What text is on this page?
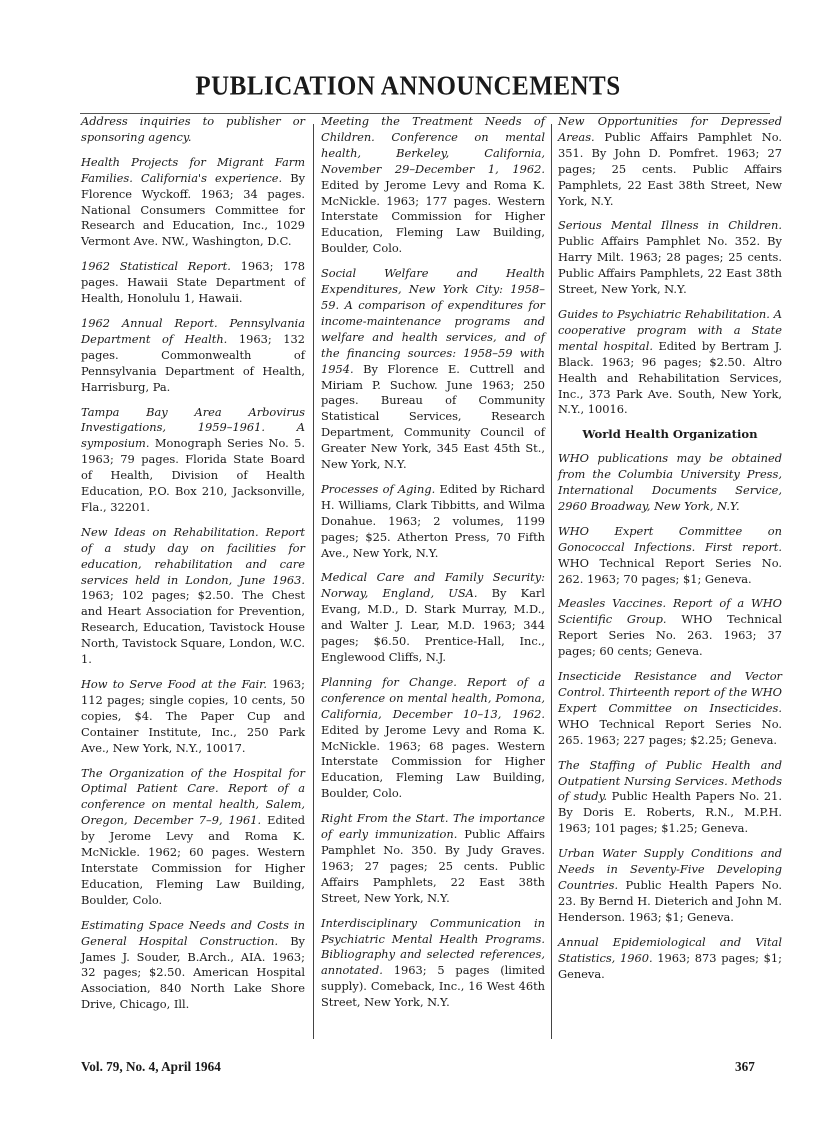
PUBLICATION ANNOUNCEMENTS
Address inquiries to publisher or sponsoring agency.
Health Projects for Migrant Farm Families. California's experience. By Florence Wyckoff. 1963; 34 pages. National Consumers Committee for Research and Education, Inc., 1029 Vermont Ave. NW., Washington, D.C.
1962 Statistical Report. 1963; 178 pages. Hawaii State Department of Health, Honolulu 1, Hawaii.
1962 Annual Report. Pennsylvania Department of Health. 1963; 132 pages. Commonwealth of Pennsylvania Department of Health, Harrisburg, Pa.
Tampa Bay Area Arbovirus Investigations, 1959–1961. A symposium. Monograph Series No. 5. 1963; 79 pages. Florida State Board of Health, Division of Health Education, P.O. Box 210, Jacksonville, Fla., 32201.
New Ideas on Rehabilitation. Report of a study day on facilities for education, rehabilitation and care services held in London, June 1963. 1963; 102 pages; $2.50. The Chest and Heart Association for Prevention, Research, Education, Tavistock House North, Tavistock Square, London, W.C. 1.
How to Serve Food at the Fair. 1963; 112 pages; single copies, 10 cents, 50 copies, $4. The Paper Cup and Container Institute, Inc., 250 Park Ave., New York, N.Y., 10017.
The Organization of the Hospital for Optimal Patient Care. Report of a conference on mental health, Salem, Oregon, December 7–9, 1961. Edited by Jerome Levy and Roma K. McNickle. 1962; 60 pages. Western Interstate Commission for Higher Education, Fleming Law Building, Boulder, Colo.
Estimating Space Needs and Costs in General Hospital Construction. By James J. Souder, B.Arch., AIA. 1963; 32 pages; $2.50. American Hospital Association, 840 North Lake Shore Drive, Chicago, Ill.
Meeting the Treatment Needs of Children. Conference on mental health, Berkeley, California, November 29–December 1, 1962. Edited by Jerome Levy and Roma K. McNickle. 1963; 177 pages. Western Interstate Commission for Higher Education, Fleming Law Building, Boulder, Colo.
Social Welfare and Health Expenditures, New York City: 1958–59. A comparison of expenditures for income-maintenance programs and welfare and health services, and of the financing sources: 1958–59 with 1954. By Florence E. Cuttrell and Miriam P. Suchow. June 1963; 250 pages. Bureau of Community Statistical Services, Research Department, Community Council of Greater New York, 345 East 45th St., New York, N.Y.
Processes of Aging. Edited by Richard H. Williams, Clark Tibbitts, and Wilma Donahue. 1963; 2 volumes, 1199 pages; $25. Atherton Press, 70 Fifth Ave., New York, N.Y.
Medical Care and Family Security: Norway, England, USA. By Karl Evang, M.D., D. Stark Murray, M.D., and Walter J. Lear, M.D. 1963; 344 pages; $6.50. Prentice-Hall, Inc., Englewood Cliffs, N.J.
Planning for Change. Report of a conference on mental health, Pomona, California, December 10–13, 1962. Edited by Jerome Levy and Roma K. McNickle. 1963; 68 pages. Western Interstate Commission for Higher Education, Fleming Law Building, Boulder, Colo.
Right From the Start. The importance of early immunization. Public Affairs Pamphlet No. 350. By Judy Graves. 1963; 27 pages; 25 cents. Public Affairs Pamphlets, 22 East 38th Street, New York, N.Y.
Interdisciplinary Communication in Psychiatric Mental Health Programs. Bibliography and selected references, annotated. 1963; 5 pages (limited supply). Comeback, Inc., 16 West 46th Street, New York, N.Y.
New Opportunities for Depressed Areas. Public Affairs Pamphlet No. 351. By John D. Pomfret. 1963; 27 pages; 25 cents. Public Affairs Pamphlets, 22 East 38th Street, New York, N.Y.
Serious Mental Illness in Children. Public Affairs Pamphlet No. 352. By Harry Milt. 1963; 28 pages; 25 cents. Public Affairs Pamphlets, 22 East 38th Street, New York, N.Y.
Guides to Psychiatric Rehabilitation. A cooperative program with a State mental hospital. Edited by Bertram J. Black. 1963; 96 pages; $2.50. Altro Health and Rehabilitation Services, Inc., 373 Park Ave. South, New York, N.Y., 10016.
World Health Organization
WHO publications may be obtained from the Columbia University Press, International Documents Service, 2960 Broadway, New York, N.Y.
WHO Expert Committee on Gonococcal Infections. First report. WHO Technical Report Series No. 262. 1963; 70 pages; $1; Geneva.
Measles Vaccines. Report of a WHO Scientific Group. WHO Technical Report Series No. 263. 1963; 37 pages; 60 cents; Geneva.
Insecticide Resistance and Vector Control. Thirteenth report of the WHO Expert Committee on Insecticides. WHO Technical Report Series No. 265. 1963; 227 pages; $2.25; Geneva.
The Staffing of Public Health and Outpatient Nursing Services. Methods of study. Public Health Papers No. 21. By Doris E. Roberts, R.N., M.P.H. 1963; 101 pages; $1.25; Geneva.
Urban Water Supply Conditions and Needs in Seventy-Five Developing Countries. Public Health Papers No. 23. By Bernd H. Dieterich and John M. Henderson. 1963; $1; Geneva.
Annual Epidemiological and Vital Statistics, 1960. 1963; 873 pages; $1; Geneva.
Vol. 79, No. 4, April 1964	367
